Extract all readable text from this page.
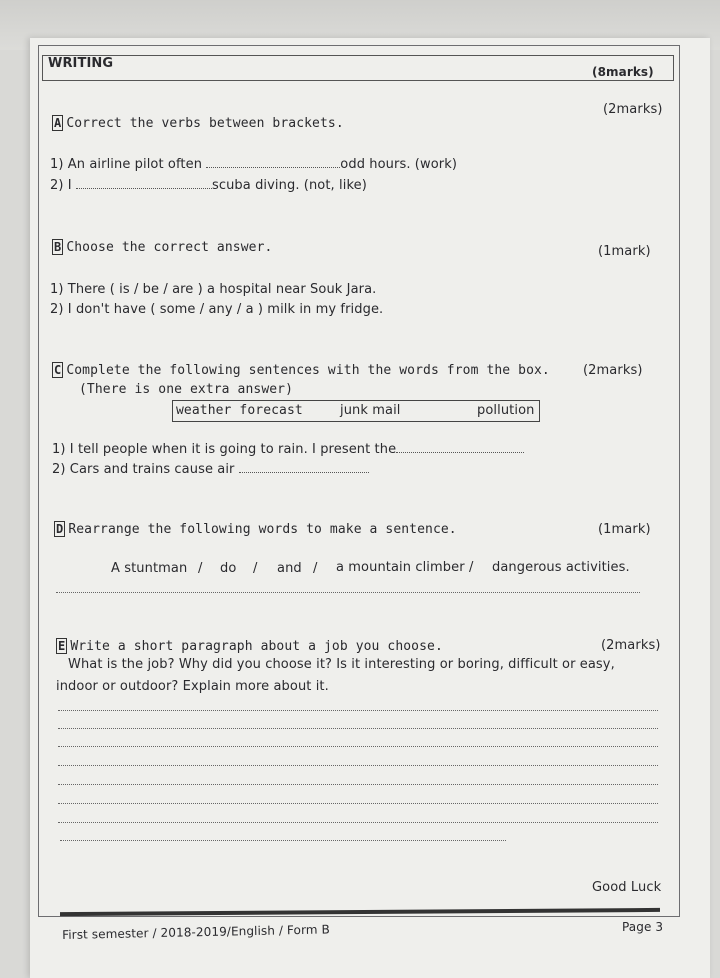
WRITING
(8marks)
(2marks)
A Correct the verbs between brackets.
1) An airline pilot often	odd hours. (work)
2) I	scuba diving. (not, like)
B Choose the correct answer.	(1mark)
1) There ( is / be / are ) a hospital near Souk Jara.
2) I don't have ( some / any / a ) milk in my fridge.
C Complete the following sentences with the words from the box.	(2marks)
(There is one extra answer)
weather forecast	junk mail	pollution
1) I tell people when it is going to rain. I present the
2) Cars and trains cause air
D Rearrange the following words to make a sentence.	(1mark)
A stuntman / do / and / a mountain climber / dangerous activities.
E Write a short paragraph about a job you choose.	(2marks)
What is the job? Why did you choose it? Is it interesting or boring, difficult or easy,
indoor or outdoor? Explain more about it.
Good Luck
First semester / 2018-2019/English / Form B	Page 3
